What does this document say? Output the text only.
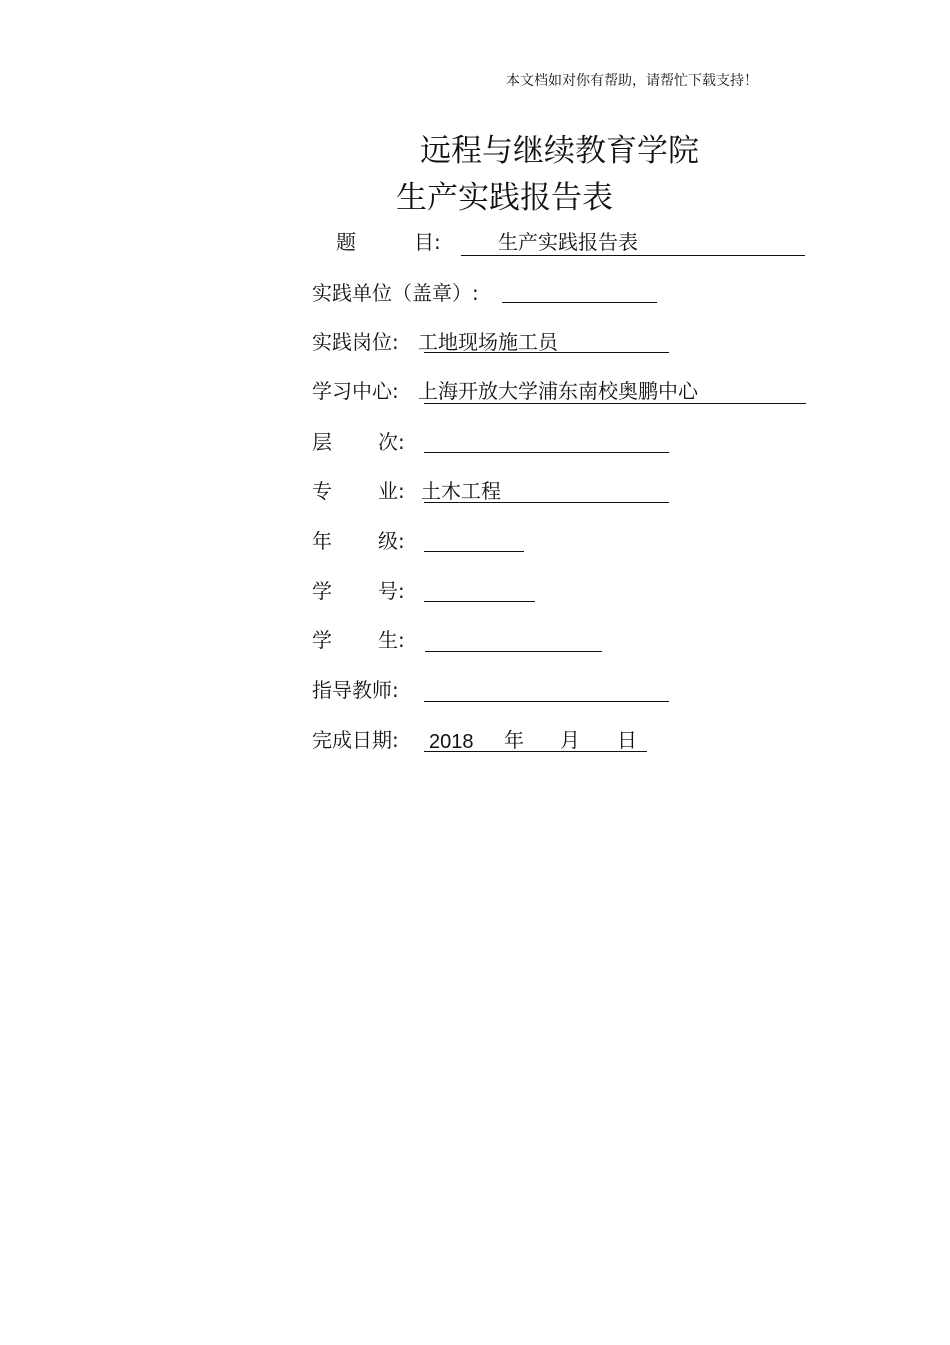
本文档如对你有帮助，请帮忙下载支持！
远程与继续教育学院
生产实践报告表
题	目:	生产实践报告表
实践单位（盖章）:
实践岗位: 工地现场施工员
学习中心: 上海开放大学浦东南校奥鹏中心
层 次:
专 业: 土木工程
年 级:
学 号:
学 生:
指导教师:
完成日期: 2018 年 月 日
